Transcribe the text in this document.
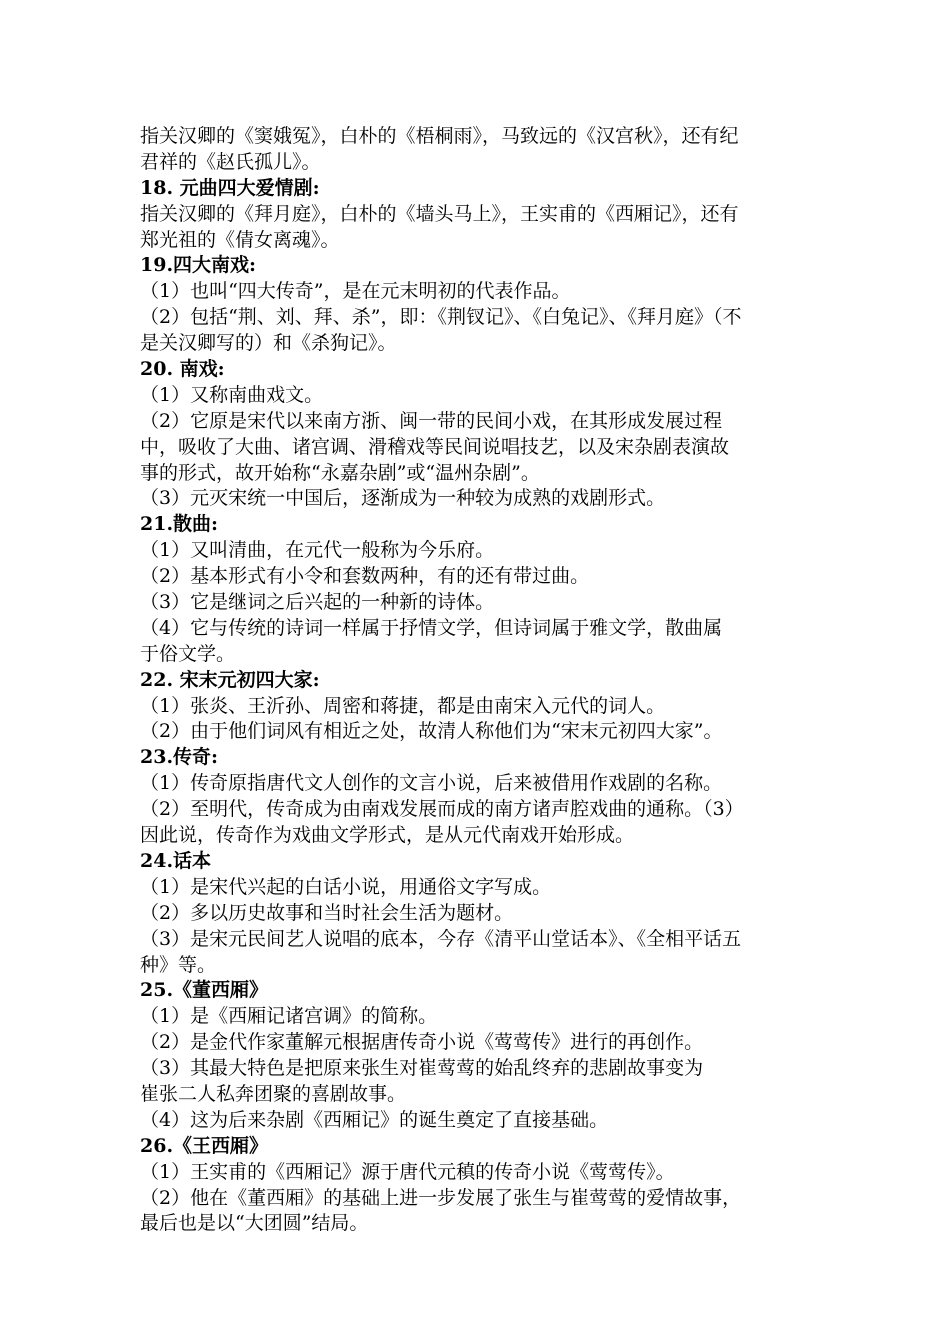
指关汉卿的《窦娥冤》，白朴的《梧桐雨》，马致远的《汉宫秋》，还有纪
君祥的《赵氏孤儿》。
18. 元曲四大爱情剧:
指关汉卿的《拜月庭》，白朴的《墙头马上》，王实甫的《西厢记》，还有
郑光祖的《倩女离魂》。
19.四大南戏:
（1）也叫“四大传奇”，是在元末明初的代表作品。
（2）包括“荆、刘、拜、杀”，即：《荆钗记》、《白兔记》、《拜月庭》（不
是关汉卿写的）和《杀狗记》。
20. 南戏:
（1）又称南曲戏文。
（2）它原是宋代以来南方浙、闽一带的民间小戏，在其形成发展过程
中，吸收了大曲、诸宫调、滑稽戏等民间说唱技艺，以及宋杂剧表演故
事的形式，故开始称“永嘉杂剧”或“温州杂剧”。
（3）元灭宋统一中国后，逐渐成为一种较为成熟的戏剧形式。
21.散曲:
（1）又叫清曲，在元代一般称为今乐府。
（2）基本形式有小令和套数两种，有的还有带过曲。
（3）它是继词之后兴起的一种新的诗体。
（4）它与传统的诗词一样属于抒情文学，但诗词属于雅文学，散曲属
于俗文学。
22. 宋末元初四大家:
（1）张炎、王沂孙、周密和蒋捷，都是由南宋入元代的词人。
（2）由于他们词风有相近之处，故清人称他们为“宋末元初四大家”。
23.传奇:
（1）传奇原指唐代文人创作的文言小说，后来被借用作戏剧的名称。
（2）至明代，传奇成为由南戏发展而成的南方诸声腔戏曲的通称。（3）
因此说，传奇作为戏曲文学形式，是从元代南戏开始形成。
24.话本
（1）是宋代兴起的白话小说，用通俗文字写成。
（2）多以历史故事和当时社会生活为题材。
（3）是宋元民间艺人说唱的底本，今存《清平山堂话本》、《全相平话五
种》等。
25.《董西厢》
（1）是《西厢记诸宫调》的简称。
（2）是金代作家董解元根据唐传奇小说《莺莺传》进行的再创作。
（3）其最大特色是把原来张生对崔莺莺的始乱终弃的悲剧故事变为
崔张二人私奔团聚的喜剧故事。
（4）这为后来杂剧《西厢记》的诞生奠定了直接基础。
26.《王西厢》
（1）王实甫的《西厢记》源于唐代元稹的传奇小说《莺莺传》。
（2）他在《董西厢》的基础上进一步发展了张生与崔莺莺的爱情故事，
最后也是以“大团圆”结局。
